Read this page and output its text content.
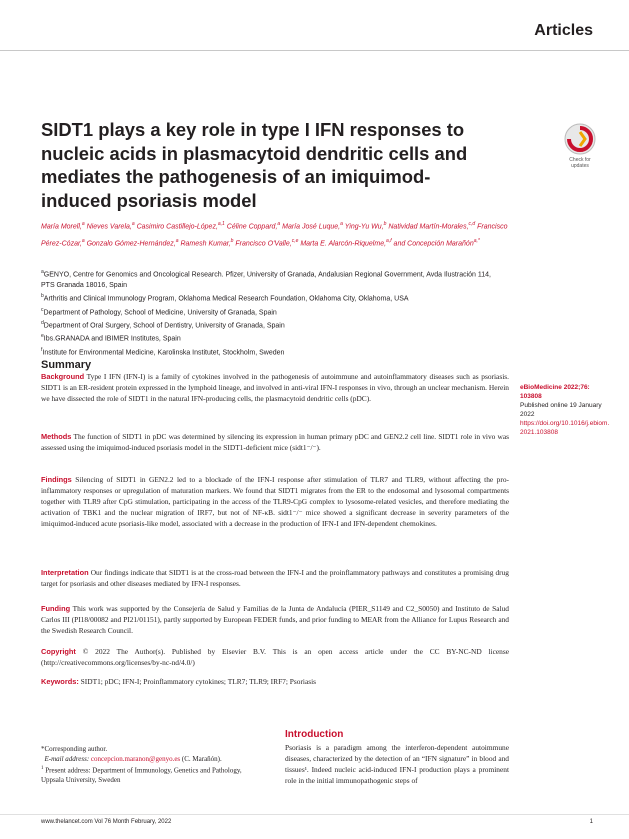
Articles
SIDT1 plays a key role in type I IFN responses to nucleic acids in plasmacytoid dendritic cells and mediates the pathogenesis of an imiquimod-induced psoriasis model
Check for updates
María Morell,$^a$ Nieves Varela,$^a$ Casimiro Castillejo-López,$^{a,1}$ Céline Coppard,$^a$ María José Luque,$^a$ Ying-Yu Wu,$^b$ Natividad Martín-Morales,$^{c,d}$ Francisco Pérez-Cózar,$^a$ Gonzalo Gómez-Hernández,$^a$ Ramesh Kumar,$^b$ Francisco O'Valle,$^{c,e}$ Marta E. Alarcón-Riquelme,$^{a,f}$ and Concepción Marañón$^{a,*}$
$^a$GENYO, Centre for Genomics and Oncological Research. Pfizer, University of Granada, Andalusian Regional Government, Avda Ilustración 114, PTS Granada 18016, Spain
$^b$Arthritis and Clinical Immunology Program, Oklahoma Medical Research Foundation, Oklahoma City, Oklahoma, USA
$^c$Department of Pathology, School of Medicine, University of Granada, Spain
$^d$Department of Oral Surgery, School of Dentistry, University of Granada, Spain
$^e$Ibs.GRANADA and IBIMER Institutes, Spain
$^f$Institute for Environmental Medicine, Karolinska Institutet, Stockholm, Sweden
Summary
Background Type I IFN (IFN-I) is a family of cytokines involved in the pathogenesis of autoimmune and autoinflammatory diseases such as psoriasis. SIDT1 is an ER-resident protein expressed in the lymphoid lineage, and involved in anti-viral IFN-I responses in vivo, through an unclear mechanism. Herein we have dissected the role of SIDT1 in the natural IFN-producing cells, the plasmacytoid dendritic cells (pDC).
Methods The function of SIDT1 in pDC was determined by silencing its expression in human primary pDC and GEN2.2 cell line. SIDT1 role in vivo was assessed using the imiquimod-induced psoriasis model in the SIDT1-deficient mice (sidt1⁻/⁻).
Findings Silencing of SIDT1 in GEN2.2 led to a blockade of the IFN-I response after stimulation of TLR7 and TLR9, without affecting the pro-inflammatory responses or upregulation of maturation markers. We found that SIDT1 migrates from the ER to the endosomal and lysosomal compartments together with TLR9 after CpG stimulation, participating in the access of the TLR9-CpG complex to lysosome-related vesicles, and therefore mediating the activation of TBK1 and the nuclear migration of IRF7, but not of NF-κB. sidt1⁻/⁻ mice showed a significant decrease in severity parameters of the imiquimod-induced acute psoriasis-like model, associated with a decrease in the production of IFN-I and IFN-dependent chemokines.
Interpretation Our findings indicate that SIDT1 is at the cross-road between the IFN-I and the proinflammatory pathways and constitutes a promising drug target for psoriasis and other diseases mediated by IFN-I responses.
Funding This work was supported by the Consejería de Salud y Familias de la Junta de Andalucía (PIER_S1149 and C2_S0050) and Instituto de Salud Carlos III (PI18/00082 and PI21/01151), partly supported by European FEDER funds, and prior funding to MEAR from the Alliance for Lupus Research and the Swedish Research Council.
Copyright © 2022 The Author(s). Published by Elsevier B.V. This is an open access article under the CC BY-NC-ND license (http://creativecommons.org/licenses/by-nc-nd/4.0/)
Keywords: SIDT1; pDC; IFN-I; Proinflammatory cytokines; TLR7; TLR9; IRF7; Psoriasis
eBioMedicine 2022;76: 103808
Published online 19 January 2022
https://doi.org/10.1016/j.ebiom.2021.103808
*Corresponding author.
E-mail address: concepcion.maranon@genyo.es (C. Marañón).
$^1$ Present address: Department of Immunology, Genetics and Pathology, Uppsala University, Sweden
Introduction
Psoriasis is a paradigm among the interferon-dependent autoimmune diseases, characterized by the detection of an “IFN signature” in blood and tissues¹. Indeed nucleic acid-induced IFN-I production plays a prominent role in the initial immunopathogenic steps of
www.thelancet.com Vol 76 Month February, 2022	1
